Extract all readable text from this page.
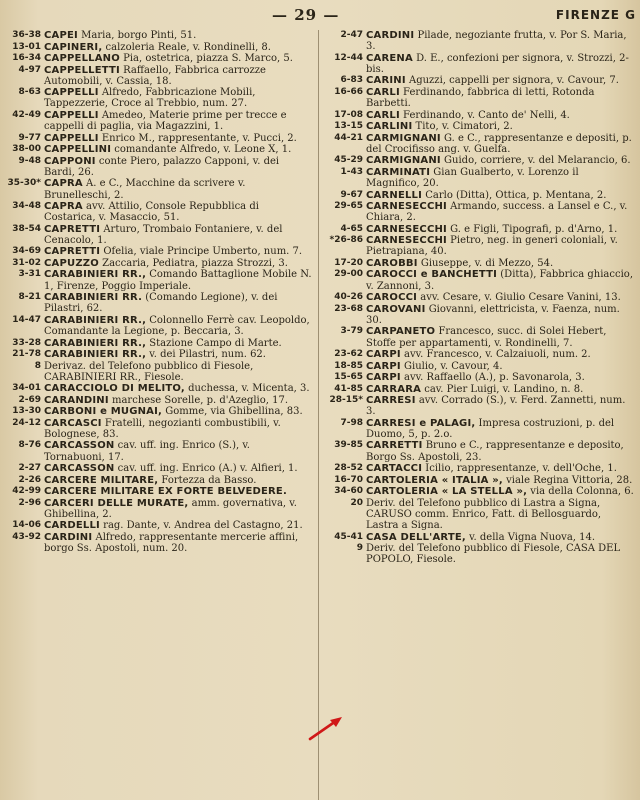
— 29 —	FIRENZE G
36-38 CAPEI Maria, borgo Pinti, 51.
13-01 CAPINERI, calzoleria Reale, v. Rondinelli, 8.
16-34 CAPPELLANO Pia, ostetrica, piazza S. Marco, 5.
4-97 CAPPELLETTI Raffaello, Fabbrica carrozze Automobili, v. Cassia, 18.
8-63 CAPPELLI Alfredo, Fabbricazione Mobili, Tappezzerie, Croce al Trebbio, num. 27.
42-49 CAPPELLI Amedeo, Materie prime per trecce e cappelli di paglia, via Magazzini, 1.
9-77 CAPPELLI Enrico M., rappresentante, v. Pucci, 2.
38-00 CAPPELLINI comandante Alfredo, v. Leone X, 1.
9-48 CAPPONI conte Piero, palazzo Capponi, v. dei Bardi, 26.
35-30* CAPRA A. e C., Macchine da scrivere v. Brunelleschi, 2.
34-48 CAPRA avv. Attilio, Console Repubblica di Costarica, v. Masaccio, 51.
38-54 CAPRETTI Arturo, Trombaio Fontaniere, v. del Cenacolo, 1.
34-69 CAPRETTI Ofelia, viale Principe Umberto, num. 7.
31-02 CAPUZZO Zaccaria, Pediatra, piazza Strozzi, 3.
3-31 CARABINIERI RR., Comando Battaglione Mobile N. 1, Firenze, Poggio Imperiale.
8-21 CARABINIERI RR. (Comando Legione), v. dei Pilastri, 62.
14-47 CARABINIERI RR., Colonnello Ferrè cav. Leopoldo, Comandante la Legione, p. Beccaria, 3.
33-28 CARABINIERI RR., Stazione Campo di Marte.
21-78 CARABINIERI RR., v. dei Pilastri, num. 62.
8 Derivaz. del Telefono pubblico di Fiesole, CARABINIERI RR., Fiesole.
34-01 CARACCIOLO DI MELITO, duchessa, v. Micenta, 3.
2-69 CARANDINI marchese Sorelle, p. d'Azeglio, 17.
13-30 CARBONI e MUGNAI, Gomme, via Ghibellina, 83.
24-12 CARCASCI Fratelli, negozianti combustibili, v. Bolognese, 83.
8-76 CARCASSON cav. uff. ing. Enrico (S.), v. Tornabuoni, 17.
2-27 CARCASSON cav. uff. ing. Enrico (A.) v. Alfieri, 1.
2-26 CARCERE MILITARE, Fortezza da Basso.
42-99 CARCERE MILITARE EX FORTE BELVEDERE.
2-96 CARCERI DELLE MURATE, amm. governativa, v. Ghibellina, 2.
14-06 CARDELLI rag. Dante, v. Andrea del Castagno, 21.
43-92 CARDINI Alfredo, rappresentante mercerie affini, borgo Ss. Apostoli, num. 20.
2-47 CARDINI Pilade, negoziante frutta, v. Por S. Maria, 3.
12-44 CARENA D. E., confezioni per signora, v. Strozzi, 2-bis.
6-83 CARINI Aguzzi, cappelli per signora, v. Cavour, 7.
16-66 CARLI Ferdinando, fabbrica di letti, Rotonda Barbetti.
17-08 CARLI Ferdinando, v. Canto de' Nelli, 4.
13-15 CARLINI Tito, v. Cimatori, 2.
44-21 CARMIGNANI G. e C., rappresentanze e depositi, p. del Crocifisso ang. v. Guelfa.
45-29 CARMIGNANI Guido, corriere, v. del Melarancio, 6.
1-43 CARMINATI Gian Gualberto, v. Lorenzo il Magnifico, 20.
9-67 CARNELLI Carlo (Ditta), Ottica, p. Mentana, 2.
29-65 CARNESECCHI Armando, success. a Lansel e C., v. Chiara, 2.
4-65 CARNESECCHI G. e Figli, Tipografi, p. d'Arno, 1.
*26-86 CARNESECCHI Pietro, neg. in generi coloniali, v. Pietrapiana, 40.
17-20 CAROBBI Giuseppe, v. di Mezzo, 54.
29-00 CAROCCI e BANCHETTI (Ditta), Fabbrica ghiaccio, v. Zannoni, 3.
40-26 CAROCCI avv. Cesare, v. Giulio Cesare Vanini, 13.
23-68 CAROVANI Giovanni, elettricista, v. Faenza, num. 30.
3-79 CARPANETO Francesco, succ. di Solei Hebert, Stoffe per appartamenti, v. Rondinelli, 7.
23-62 CARPI avv. Francesco, v. Calzaiuoli, num. 2.
18-85 CARPI Giulio, v. Cavour, 4.
15-65 CARPI avv. Raffaello (A.), p. Savonarola, 3.
41-85 CARRARA cav. Pier Luigi, v. Landino, n. 8.
28-15* CARRESI avv. Corrado (S.), v. Ferd. Zannetti, num. 3.
7-98 CARRESI e PALAGI, Impresa costruzioni, p. del Duomo, 5, p. 2.o.
39-85 CARRETTI Bruno e C., rappresentanze e deposito, Borgo Ss. Apostoli, 23.
28-52 CARTACCI Icilio, rappresentanze, v. dell'Oche, 1.
16-70 CARTOLERIA « ITALIA », viale Regina Vittoria, 28.
34-60 CARTOLERIA « LA STELLA », via della Colonna, 6.
20 Deriv. del Telefono pubblico di Lastra a Signa, CARUSO comm. Enrico, Fatt. di Bellosguardo, Lastra a Signa.
45-41 CASA DELL'ARTE, v. della Vigna Nuova, 14.
9 Deriv. del Telefono pubblico di Fiesole, CASA DEL POPOLO, Fiesole.
